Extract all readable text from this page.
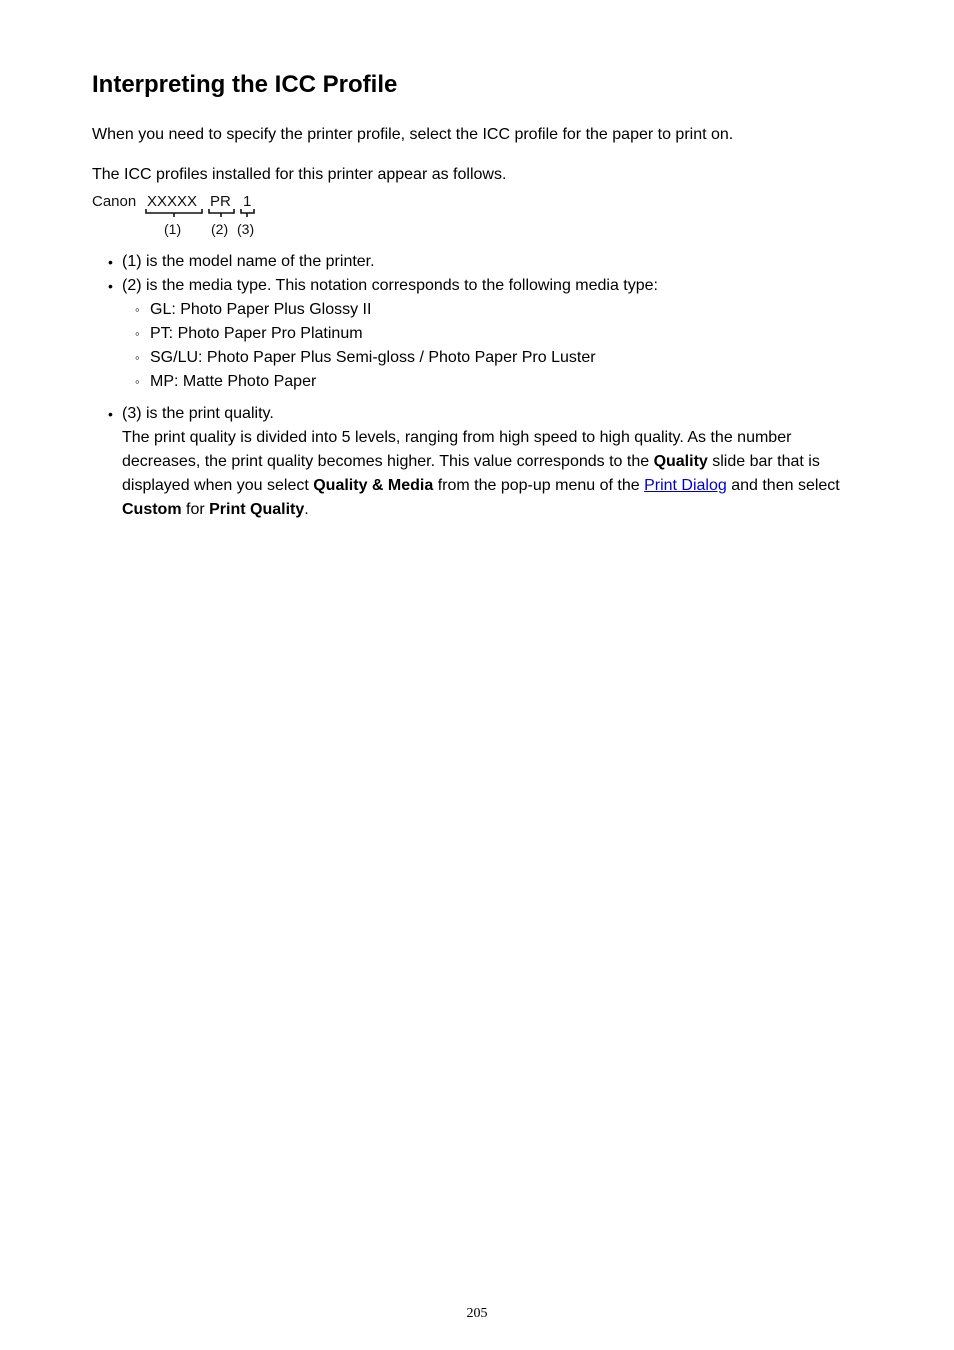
Interpreting the ICC Profile

When you need to specify the printer profile, select the ICC profile for the paper to print on.

The ICC profiles installed for this printer appear as follows.

Canon XXXXX PR 1
(1) (2) (3)
• (1) is the model name of the printer.
• (2) is the media type. This notation corresponds to the following media type:
◦ GL: Photo Paper Plus Glossy II
◦ PT: Photo Paper Pro Platinum
◦ SG/LU: Photo Paper Plus Semi-gloss / Photo Paper Pro Luster
◦ MP: Matte Photo Paper
• (3) is the print quality.
The print quality is divided into 5 levels, ranging from high speed to high quality. As the number decreases, the print quality becomes higher. This value corresponds to the Quality slide bar that is displayed when you select Quality & Media from the pop-up menu of the Print Dialog and then select Custom for Print Quality.
205
